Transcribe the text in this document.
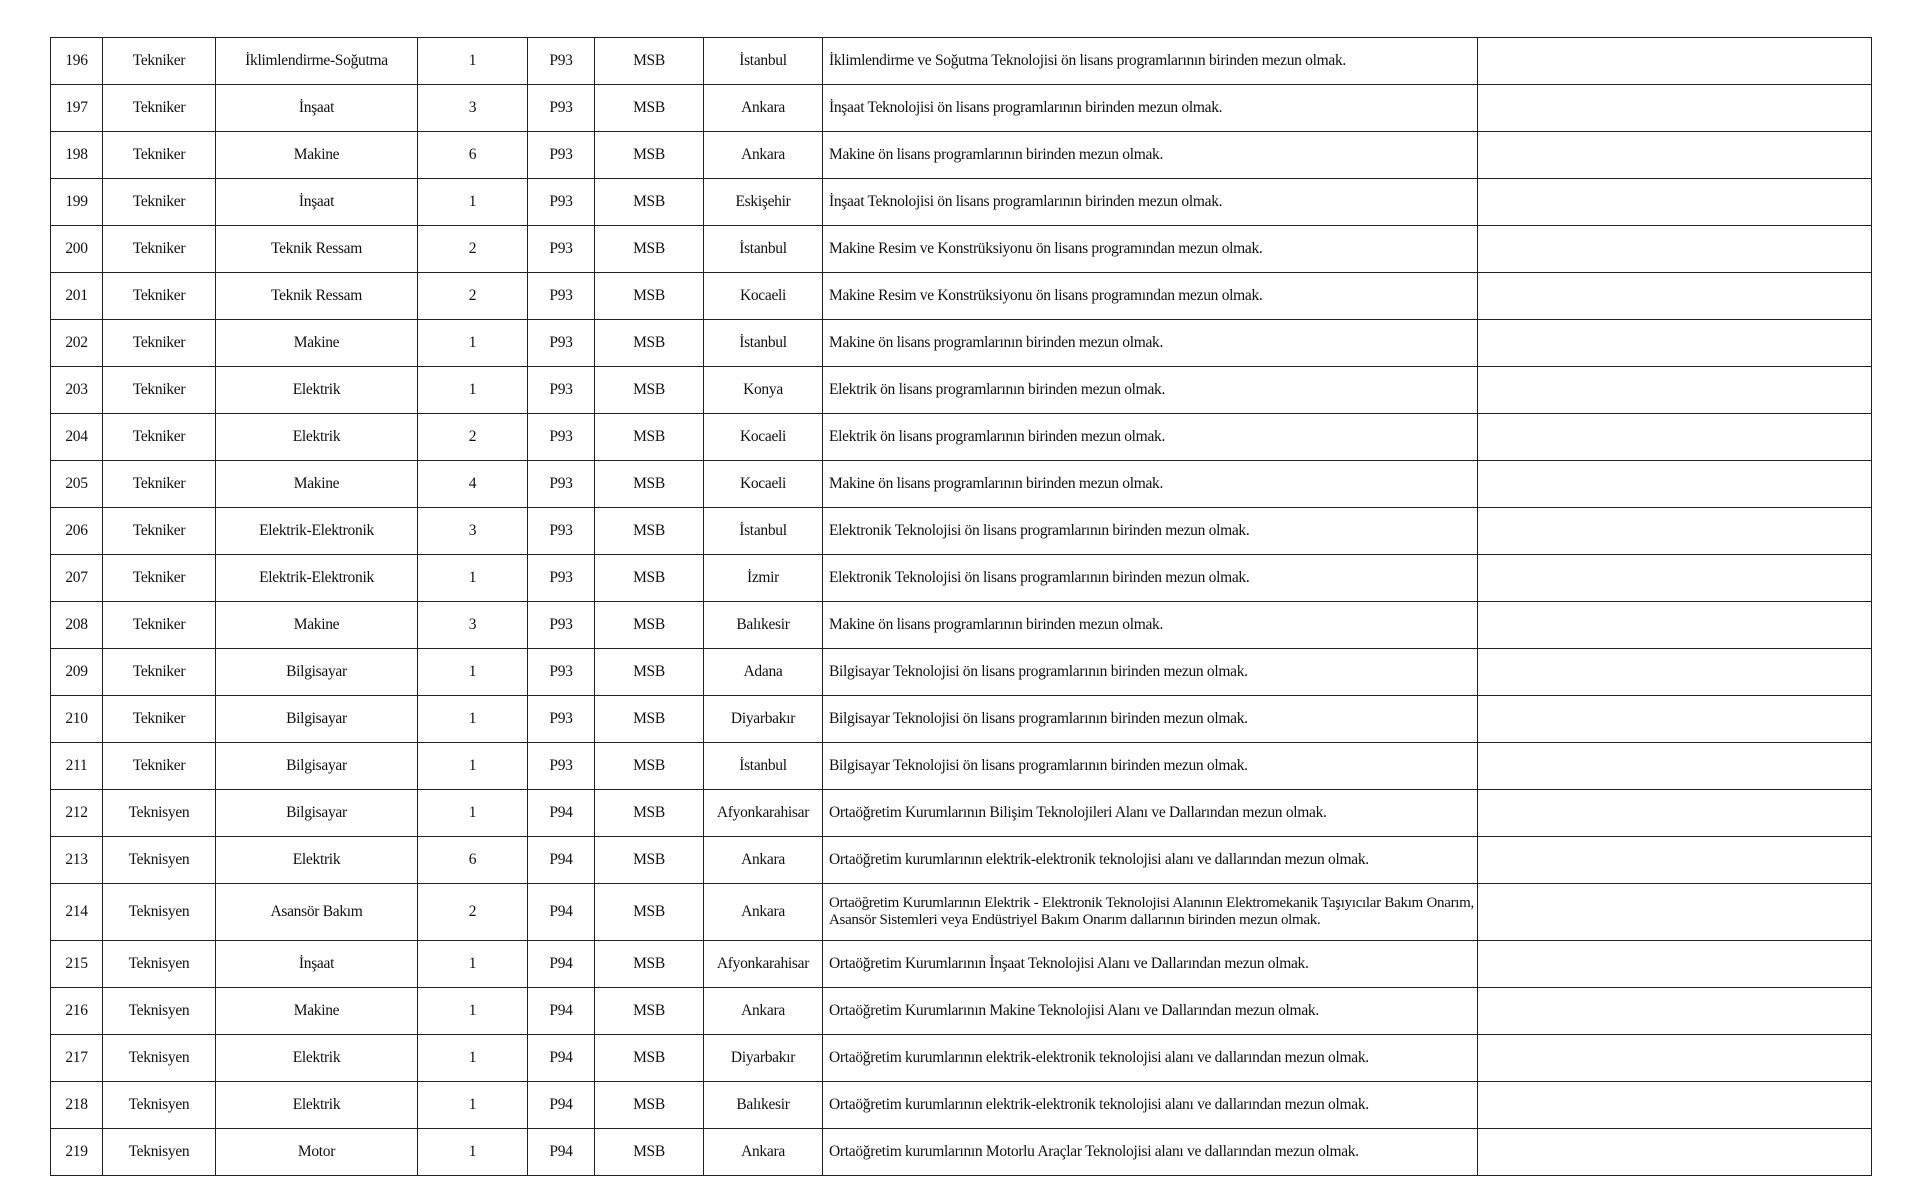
196	Tekniker	İklimlendirme-Soğutma	1	P93	MSB	İstanbul	İklimlendirme ve Soğutma Teknolojisi ön lisans programlarının birinden mezun olmak.	
197	Tekniker	İnşaat	3	P93	MSB	Ankara	İnşaat Teknolojisi ön lisans programlarının birinden mezun olmak.	
198	Tekniker	Makine	6	P93	MSB	Ankara	Makine ön lisans programlarının birinden mezun olmak.	
199	Tekniker	İnşaat	1	P93	MSB	Eskişehir	İnşaat Teknolojisi ön lisans programlarının birinden mezun olmak.	
200	Tekniker	Teknik Ressam	2	P93	MSB	İstanbul	Makine Resim ve Konstrüksiyonu ön lisans programından mezun olmak.	
201	Tekniker	Teknik Ressam	2	P93	MSB	Kocaeli	Makine Resim ve Konstrüksiyonu ön lisans programından mezun olmak.	
202	Tekniker	Makine	1	P93	MSB	İstanbul	Makine ön lisans programlarının birinden mezun olmak.	
203	Tekniker	Elektrik	1	P93	MSB	Konya	Elektrik ön lisans programlarının birinden mezun olmak.	
204	Tekniker	Elektrik	2	P93	MSB	Kocaeli	Elektrik ön lisans programlarının birinden mezun olmak.	
205	Tekniker	Makine	4	P93	MSB	Kocaeli	Makine ön lisans programlarının birinden mezun olmak.	
206	Tekniker	Elektrik-Elektronik	3	P93	MSB	İstanbul	Elektronik Teknolojisi ön lisans programlarının birinden mezun olmak.	
207	Tekniker	Elektrik-Elektronik	1	P93	MSB	İzmir	Elektronik Teknolojisi ön lisans programlarının birinden mezun olmak.	
208	Tekniker	Makine	3	P93	MSB	Balıkesir	Makine ön lisans programlarının birinden mezun olmak.	
209	Tekniker	Bilgisayar	1	P93	MSB	Adana	Bilgisayar Teknolojisi ön lisans programlarının birinden mezun olmak.	
210	Tekniker	Bilgisayar	1	P93	MSB	Diyarbakır	Bilgisayar Teknolojisi ön lisans programlarının birinden mezun olmak.	
211	Tekniker	Bilgisayar	1	P93	MSB	İstanbul	Bilgisayar Teknolojisi ön lisans programlarının birinden mezun olmak.	
212	Teknisyen	Bilgisayar	1	P94	MSB	Afyonkarahisar	Ortaöğretim Kurumlarının Bilişim Teknolojileri Alanı ve Dallarından mezun olmak.	
213	Teknisyen	Elektrik	6	P94	MSB	Ankara	Ortaöğretim kurumlarının elektrik-elektronik teknolojisi alanı ve dallarından mezun olmak.	
214	Teknisyen	Asansör Bakım	2	P94	MSB	Ankara	Ortaöğretim Kurumlarının Elektrik - Elektronik Teknolojisi Alanının Elektromekanik Taşıyıcılar Bakım Onarım, Asansör Sistemleri veya Endüstriyel Bakım Onarım dallarının birinden mezun olmak.	
215	Teknisyen	İnşaat	1	P94	MSB	Afyonkarahisar	Ortaöğretim Kurumlarının İnşaat Teknolojisi Alanı ve Dallarından mezun olmak.	
216	Teknisyen	Makine	1	P94	MSB	Ankara	Ortaöğretim Kurumlarının Makine Teknolojisi Alanı ve Dallarından mezun olmak.	
217	Teknisyen	Elektrik	1	P94	MSB	Diyarbakır	Ortaöğretim kurumlarının elektrik-elektronik teknolojisi alanı ve dallarından mezun olmak.	
218	Teknisyen	Elektrik	1	P94	MSB	Balıkesir	Ortaöğretim kurumlarının elektrik-elektronik teknolojisi alanı ve dallarından mezun olmak.	
219	Teknisyen	Motor	1	P94	MSB	Ankara	Ortaöğretim kurumlarının Motorlu Araçlar Teknolojisi alanı ve dallarından mezun olmak.	
